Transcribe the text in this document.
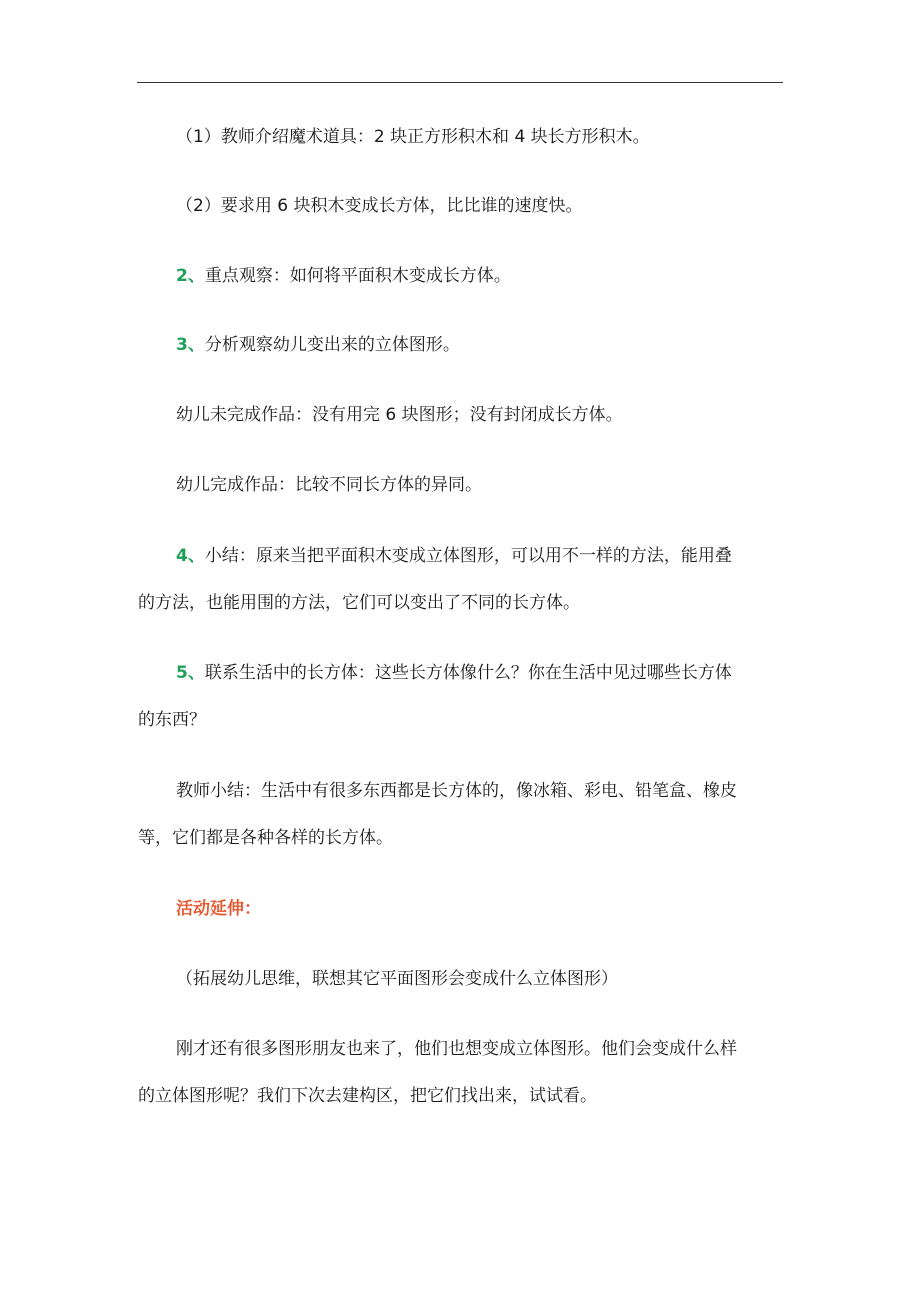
（1）教师介绍魔术道具：2 块正方形积木和 4 块长方形积木。

（2）要求用 6 块积木变成长方体，比比谁的速度快。

2、重点观察：如何将平面积木变成长方体。

3、分析观察幼儿变出来的立体图形。

幼儿未完成作品：没有用完 6 块图形；没有封闭成长方体。

幼儿完成作品：比较不同长方体的异同。

4、小结：原来当把平面积木变成立体图形，可以用不一样的方法，能用叠
的方法，也能用围的方法，它们可以变出了不同的长方体。

5、联系生活中的长方体：这些长方体像什么？你在生活中见过哪些长方体
的东西？

教师小结：生活中有很多东西都是长方体的，像冰箱、彩电、铅笔盒、橡皮
等，它们都是各种各样的长方体。

活动延伸：

（拓展幼儿思维，联想其它平面图形会变成什么立体图形）

刚才还有很多图形朋友也来了，他们也想变成立体图形。他们会变成什么样
的立体图形呢？我们下次去建构区，把它们找出来，试试看。
